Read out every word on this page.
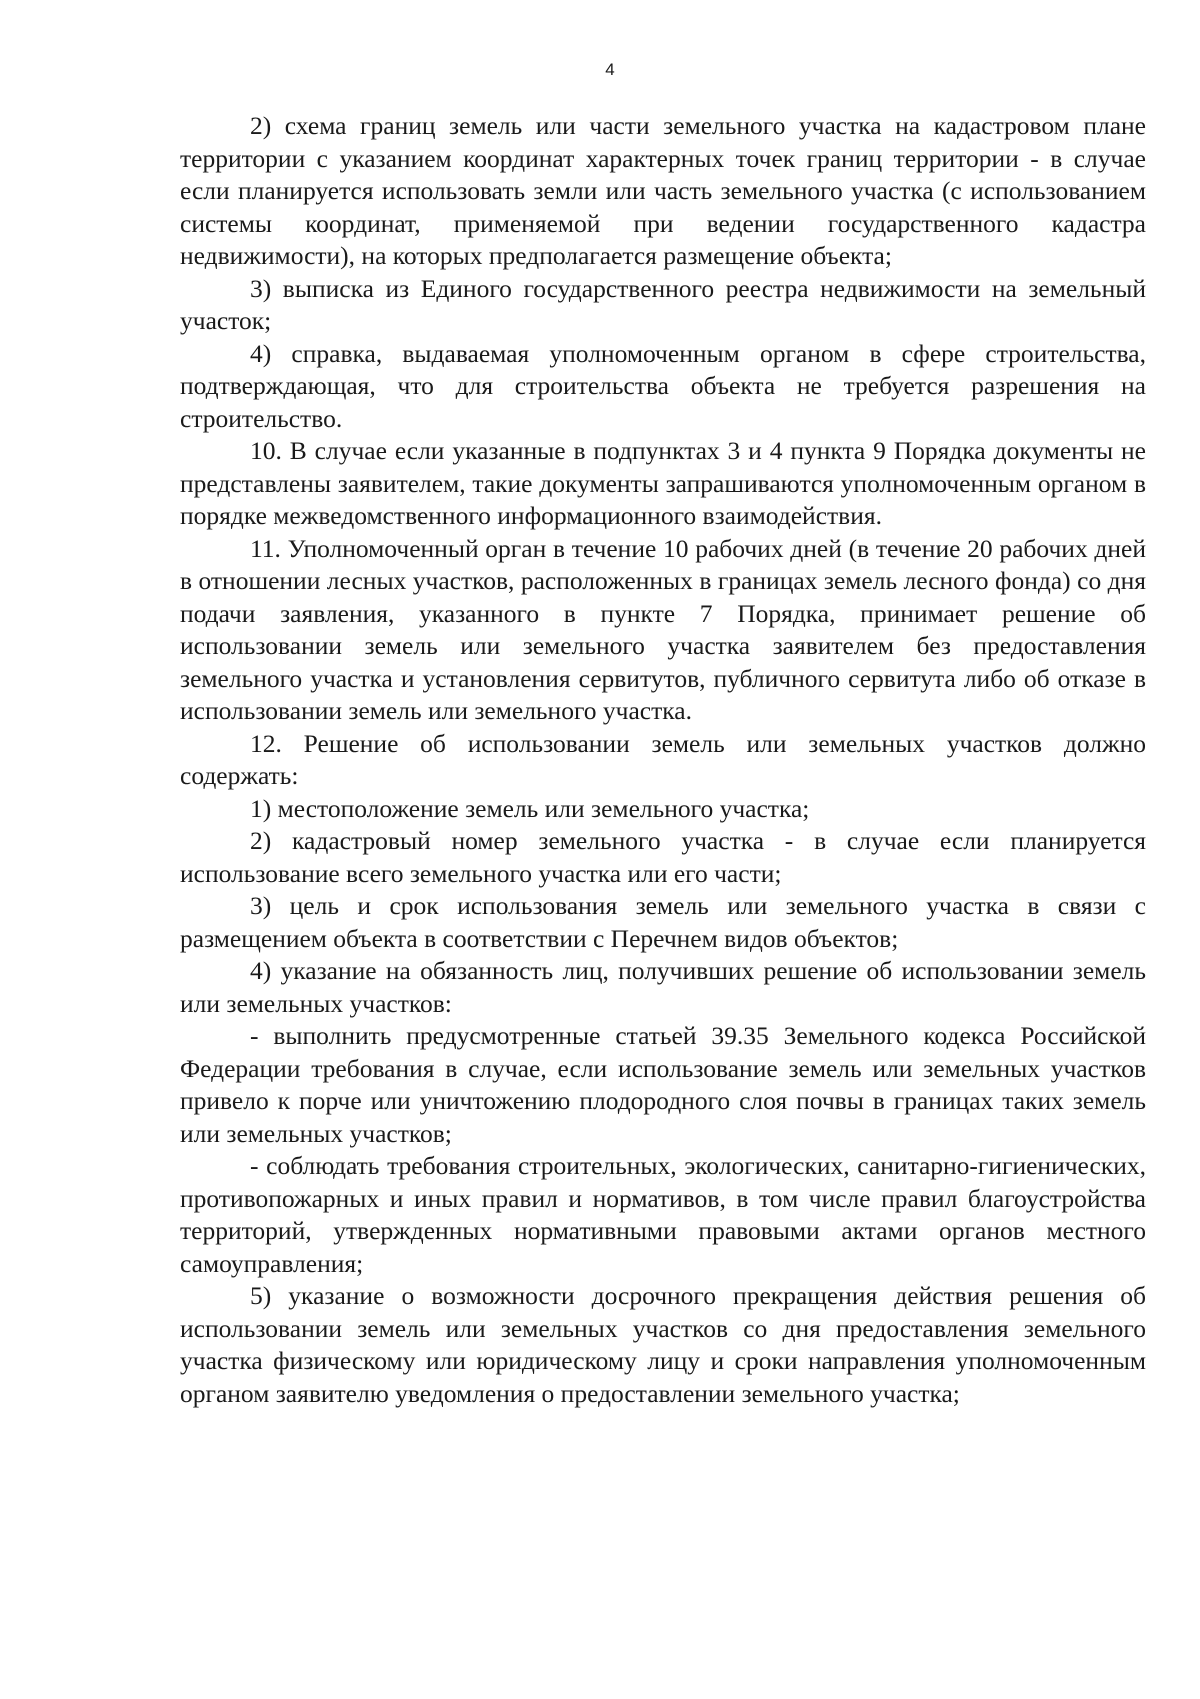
4

2) схема границ земель или части земельного участка на кадастровом плане территории с указанием координат характерных точек границ территории - в случае если планируется использовать земли или часть земельного участка (с использованием системы координат, применяемой при ведении государственного кадастра недвижимости), на которых предполагается размещение объекта;

3) выписка из Единого государственного реестра недвижимости на земельный участок;

4) справка, выдаваемая уполномоченным органом в сфере строительства, подтверждающая, что для строительства объекта не требуется разрешения на строительство.

10. В случае если указанные в подпунктах 3 и 4 пункта 9 Порядка документы не представлены заявителем, такие документы запрашиваются уполномоченным органом в порядке межведомственного информационного взаимодействия.

11. Уполномоченный орган в течение 10 рабочих дней (в течение 20 рабочих дней в отношении лесных участков, расположенных в границах земель лесного фонда) со дня подачи заявления, указанного в пункте 7 Порядка, принимает решение об использовании земель или земельного участка заявителем без предоставления земельного участка и установления сервитутов, публичного сервитута либо об отказе в использовании земель или земельного участка.

12. Решение об использовании земель или земельных участков должно содержать:

1) местоположение земель или земельного участка;

2) кадастровый номер земельного участка - в случае если планируется использование всего земельного участка или его части;

3) цель и срок использования земель или земельного участка в связи с размещением объекта в соответствии с Перечнем видов объектов;

4) указание на обязанность лиц, получивших решение об использовании земель или земельных участков:

- выполнить предусмотренные статьей 39.35 Земельного кодекса Российской Федерации требования в случае, если использование земель или земельных участков привело к порче или уничтожению плодородного слоя почвы в границах таких земель или земельных участков;

- соблюдать требования строительных, экологических, санитарно-гигиенических, противопожарных и иных правил и нормативов, в том числе правил благоустройства территорий, утвержденных нормативными правовыми актами органов местного самоуправления;

5) указание о возможности досрочного прекращения действия решения об использовании земель или земельных участков со дня предоставления земельного участка физическому или юридическому лицу и сроки направления уполномоченным органом заявителю уведомления о предоставлении земельного участка;
